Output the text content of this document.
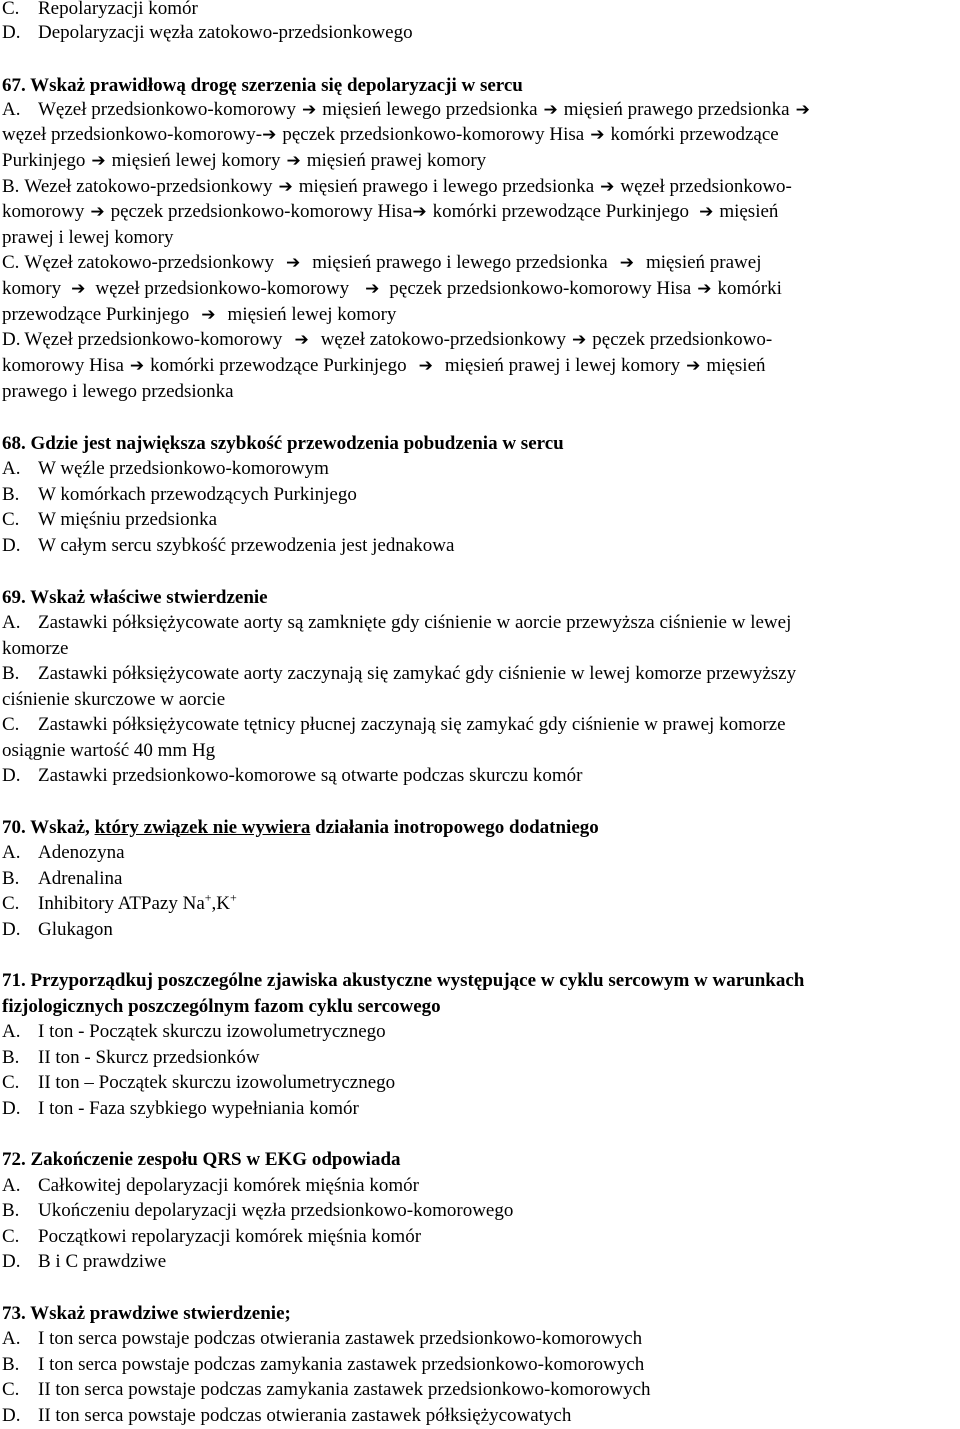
C. Repolaryzacji komór
D. Depolaryzacji węzła zatokowo-przedsionkowego
67. Wskaż prawidłową drogę szerzenia się depolaryzacji w sercu
A. Węzeł przedsionkowo-komorowy ➔ mięsień lewego przedsionka ➔ mięsień prawego przedsionka ➔
węzeł przedsionkowo-komorowy-➔ pęczek przedsionkowo-komorowy Hisa ➔ komórki przewodzące
Purkinjego ➔ mięsień lewej komory ➔ mięsień prawej komory
B. Wezeł zatokowo-przedsionkowy ➔ mięsień prawego i lewego przedsionka ➔ węzeł przedsionkowo-
komorowy ➔ pęczek przedsionkowo-komorowy Hisa➔ komórki przewodzące Purkinjego ➔ mięsień
prawej i lewej komory
C. Węzeł zatokowo-przedsionkowy ➔ mięsień prawego i lewego przedsionka ➔ mięsień prawej
komory ➔ węzeł przedsionkowo-komorowy ➔ pęczek przedsionkowo-komorowy Hisa ➔ komórki
przewodzące Purkinjego ➔ mięsień lewej komory
D. Węzeł przedsionkowo-komorowy ➔ węzeł zatokowo-przedsionkowy ➔ pęczek przedsionkowo-
komorowy Hisa ➔ komórki przewodzące Purkinjego ➔ mięsień prawej i lewej komory ➔ mięsień
prawego i lewego przedsionka
68. Gdzie jest największa szybkość przewodzenia pobudzenia w sercu
A. W węźle przedsionkowo-komorowym
B. W komórkach przewodzących Purkinjego
C. W mięśniu przedsionka
D. W całym sercu szybkość przewodzenia jest jednakowa
69. Wskaż właściwe stwierdzenie
A. Zastawki półksiężycowate aorty są zamknięte gdy ciśnienie w aorcie przewyższa ciśnienie w lewej
komorze
B. Zastawki półksiężycowate aorty zaczynają się zamykać gdy ciśnienie w lewej komorze przewyższy
ciśnienie skurczowe w aorcie
C. Zastawki półksiężycowate tętnicy płucnej zaczynają się zamykać gdy ciśnienie w prawej komorze
osiągnie wartość 40 mm Hg
D. Zastawki przedsionkowo-komorowe są otwarte podczas skurczu komór
70. Wskaż, który związek nie wywiera działania inotropowego dodatniego
A. Adenozyna
B. Adrenalina
C. Inhibitory ATPazy Na+,K+
D. Glukagon
71. Przyporządkuj poszczególne zjawiska akustyczne występujące w cyklu sercowym w warunkach
fizjologicznych poszczególnym fazom cyklu sercowego
A. I ton - Początek skurczu izowolumetrycznego
B. II ton - Skurcz przedsionków
C. II ton – Początek skurczu izowolumetrycznego
D. I ton - Faza szybkiego wypełniania komór
72. Zakończenie zespołu QRS w EKG odpowiada
A. Całkowitej depolaryzacji komórek mięśnia komór
B. Ukończeniu depolaryzacji węzła przedsionkowo-komorowego
C. Początkowi repolaryzacji komórek mięśnia komór
D. B i C prawdziwe
73. Wskaż prawdziwe stwierdzenie;
A. I ton serca powstaje podczas otwierania zastawek przedsionkowo-komorowych
B. I ton serca powstaje podczas zamykania zastawek przedsionkowo-komorowych
C. II ton serca powstaje podczas zamykania zastawek przedsionkowo-komorowych
D. II ton serca powstaje podczas otwierania zastawek półksiężycowatych
